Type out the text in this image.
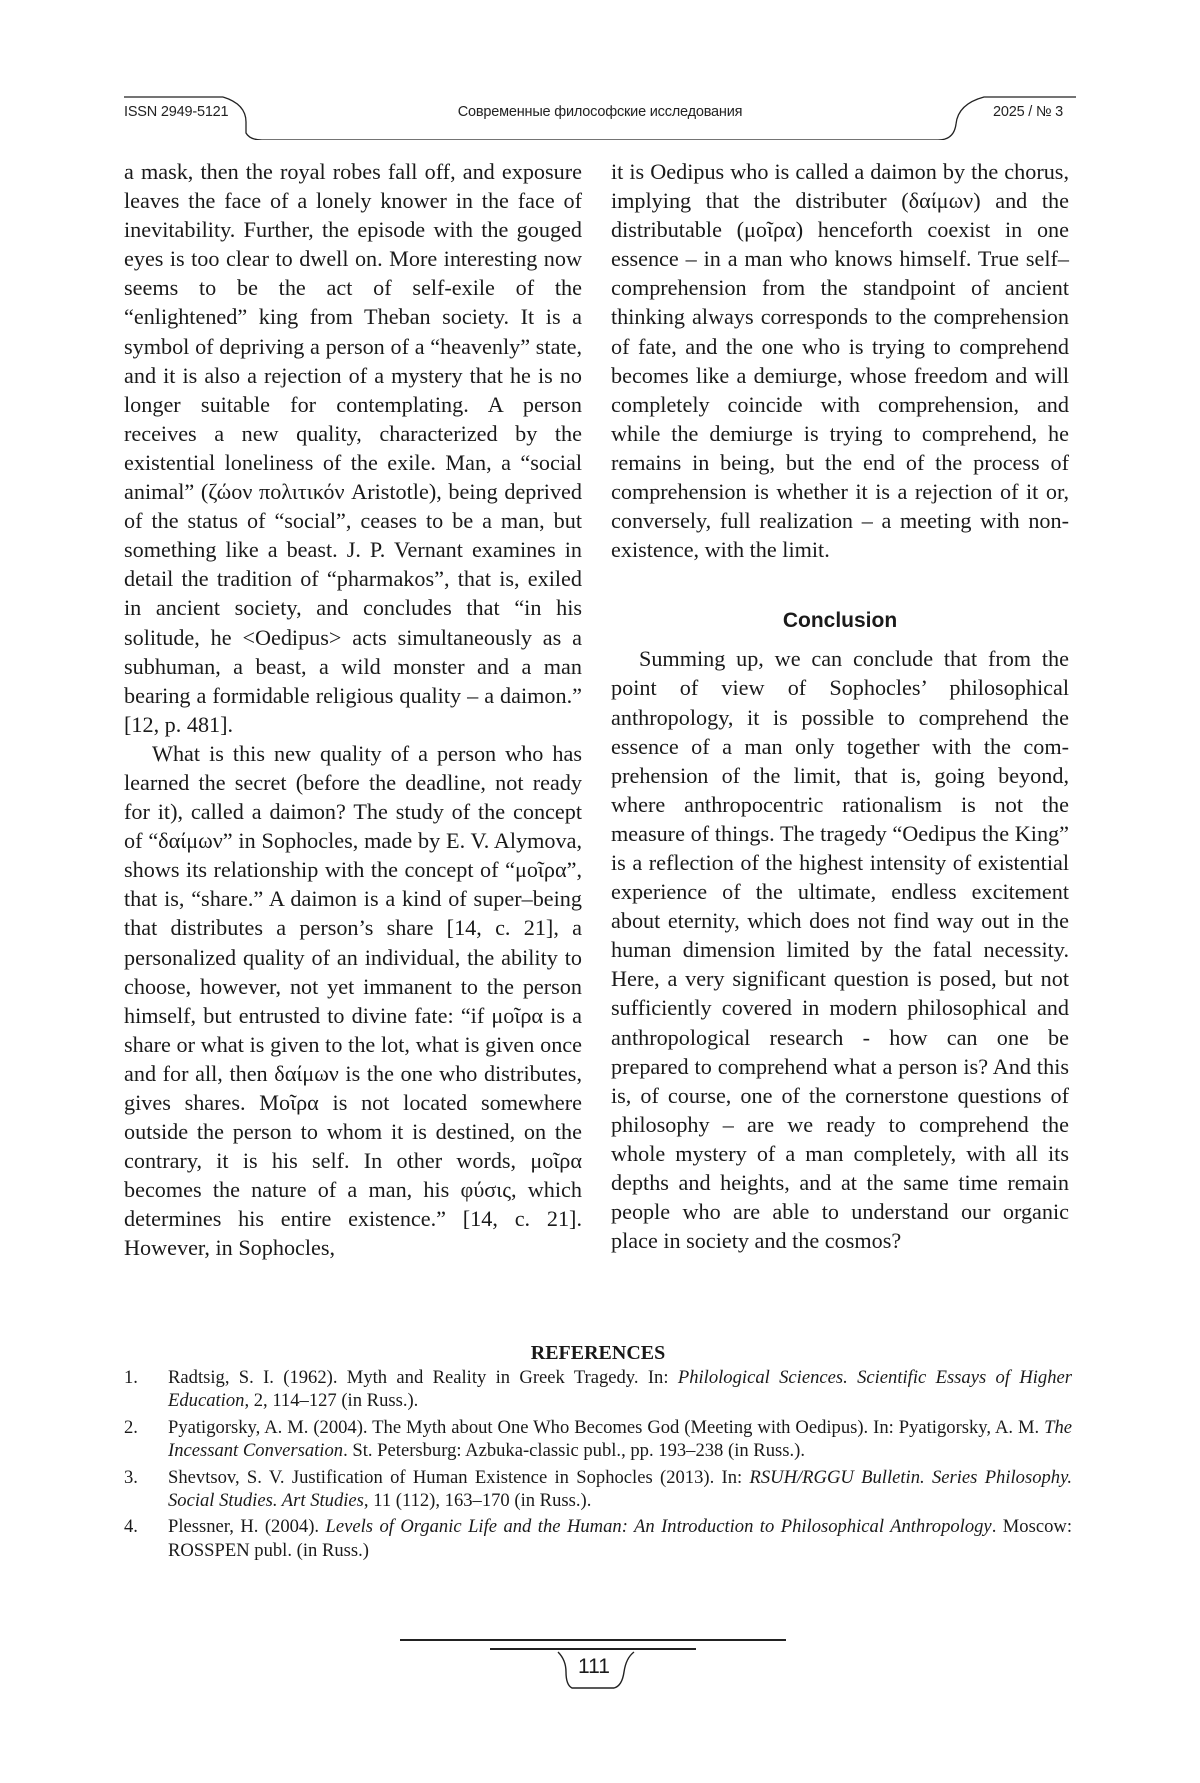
ISSN 2949-5121	Современные философские исследования	2025 / № 3

a mask, then the royal robes fall off, and exposure leaves the face of a lonely knower in the face of inevitability. Further, the episode with the gouged eyes is too clear to dwell on. More interesting now seems to be the act of self-exile of the “enlightened” king from Theban society. It is a symbol of depriving a person of a “heavenly” state, and it is also a rejection of a mystery that he is no longer suitable for contemplating. A person receives a new quality, characterized by the existential loneliness of the exile. Man, a “social animal” (ζώον πολιτικόν Aristotle), being deprived of the status of “social”, ceases to be a man, but something like a beast. J. P. Vernant examines in detail the tradition of “pharmakos”, that is, exiled in ancient society, and concludes that “in his solitude, he <Oedipus> acts simultaneously as a subhuman, a beast, a wild monster and a man bearing a formidable religious quality – a daimon.” [12, p. 481].

What is this new quality of a person who has learned the secret (before the deadline, not ready for it), called a daimon? The study of the concept of “δαίμων” in Sophocles, made by E. V. Alymova, shows its relationship with the concept of “μοῖρα”, that is, “share.” A daimon is a kind of super–being that distributes a person’s share [14, c. 21], a personalized quality of an individual, the ability to choose, however, not yet immanent to the person himself, but entrusted to divine fate: “if μοῖρα is a share or what is given to the lot, what is given once and for all, then δαίμων is the one who distributes, gives shares. Μοῖρα is not located somewhere outside the person to whom it is destined, on the contrary, it is his self. In other words, μοῖρα becomes the nature of a man, his φύσις, which determines his entire existence.” [14, c. 21]. However, in Sophocles,

it is Oedipus who is called a daimon by the chorus, implying that the distributer (δαίμων) and the distributable (μοῖρα) henceforth coexist in one essence – in a man who knows himself. True self–comprehension from the standpoint of ancient thinking always corresponds to the comprehension of fate, and the one who is trying to comprehend becomes like a demiurge, whose freedom and will completely coincide with comprehension, and while the demiurge is trying to comprehend, he remains in being, but the end of the process of comprehension is whether it is a rejection of it or, conversely, full realization – a meeting with non-existence, with the limit.

Conclusion

Summing up, we can conclude that from the point of view of Sophocles’ philosophical anthropology, it is possible to comprehend the essence of a man only together with the comprehension of the limit, that is, going beyond, where anthropocentric rationalism is not the measure of things. The tragedy “Oedipus the King” is a reflection of the highest intensity of existential experience of the ultimate, endless excitement about eternity, which does not find way out in the human dimension limited by the fatal necessity. Here, a very significant question is posed, but not sufficiently covered in modern philosophical and anthropological research - how can one be prepared to comprehend what a person is? And this is, of course, one of the cornerstone questions of philosophy – are we ready to comprehend the whole mystery of a man completely, with all its depths and heights, and at the same time remain people who are able to understand our organic place in society and the cosmos?

REFERENCES
1.	Radtsig, S. I. (1962). Myth and Reality in Greek Tragedy. In: Philological Sciences. Scientific Essays of Higher Education, 2, 114–127 (in Russ.).
2.	Pyatigorsky, A. M. (2004). The Myth about One Who Becomes God (Meeting with Oedipus). In: Pyatigorsky, A. M. The Incessant Conversation. St. Petersburg: Azbuka-classic publ., pp. 193–238 (in Russ.).
3.	Shevtsov, S. V. Justification of Human Existence in Sophocles (2013). In: RSUH/RGGU Bulletin. Series Philosophy. Social Studies. Art Studies, 11 (112), 163–170 (in Russ.).
4.	Plessner, H. (2004). Levels of Organic Life and the Human: An Introduction to Philosophical Anthropology. Moscow: ROSSPEN publ. (in Russ.)
111
